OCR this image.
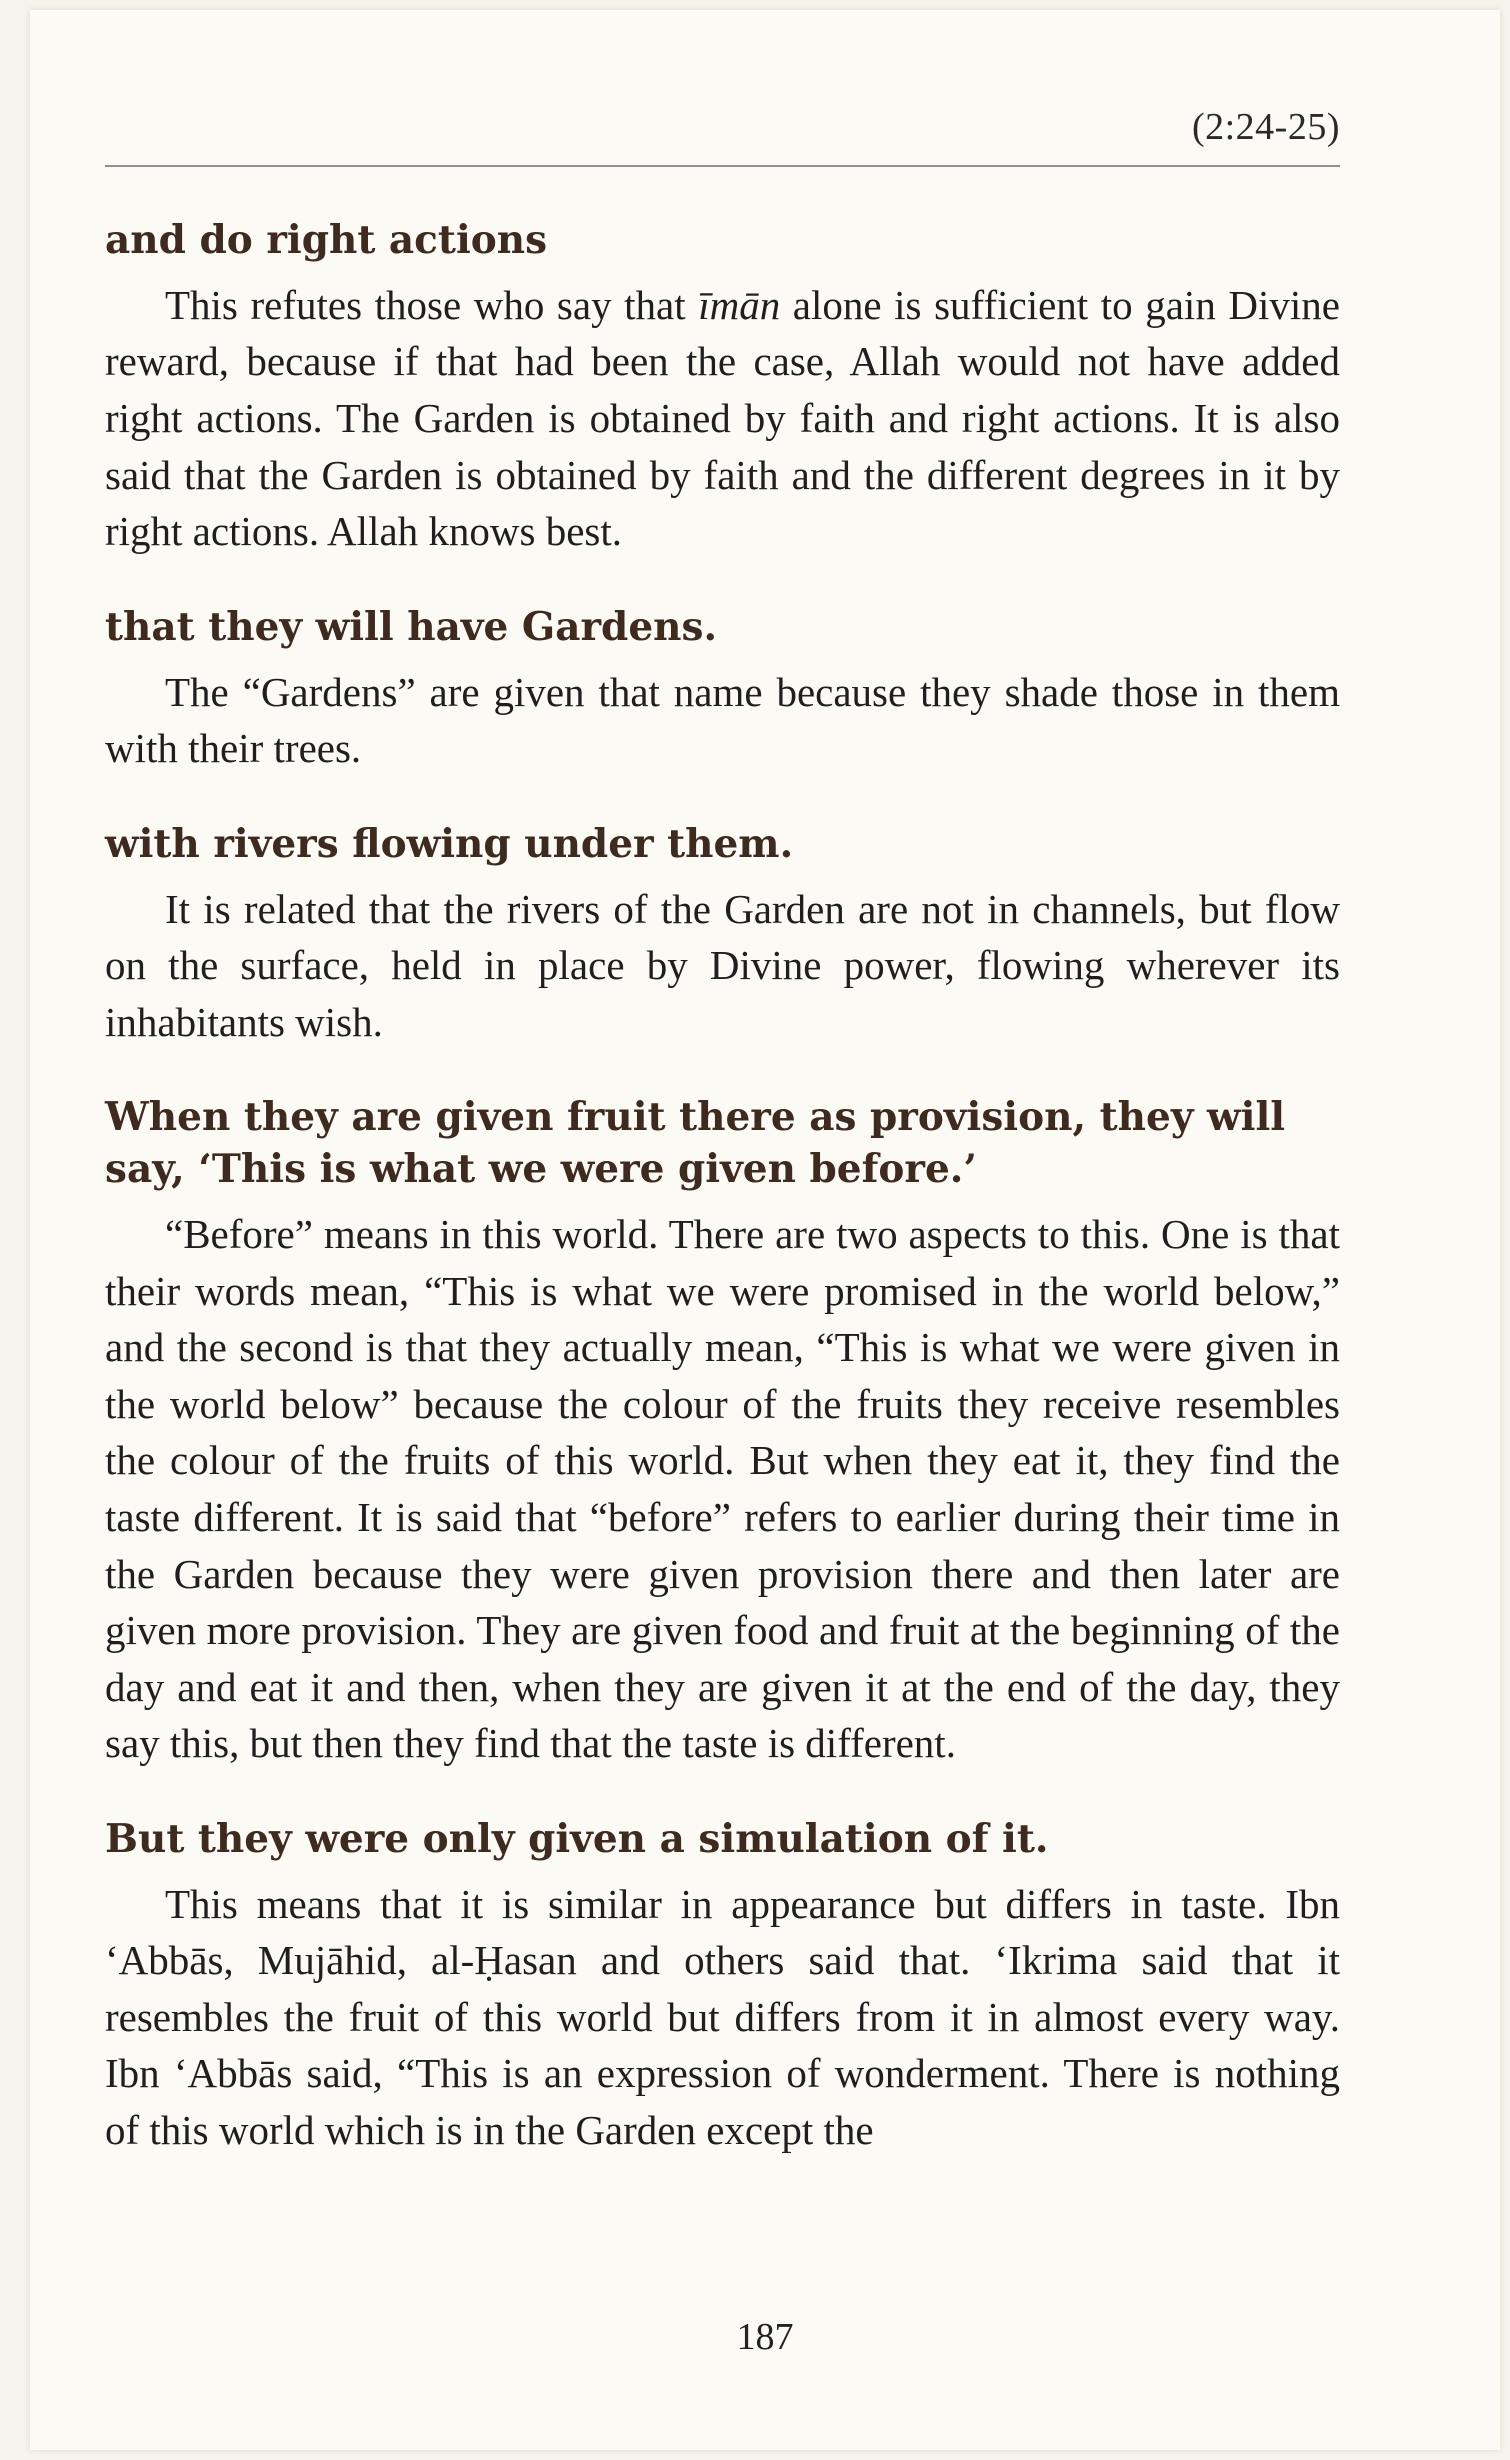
(2:24-25)
and do right actions

This refutes those who say that īmān alone is sufficient to gain Divine reward, because if that had been the case, Allah would not have added right actions. The Garden is obtained by faith and right actions. It is also said that the Garden is obtained by faith and the different degrees in it by right actions. Allah knows best.

that they will have Gardens.

The “Gardens” are given that name because they shade those in them with their trees.

with rivers flowing under them.

It is related that the rivers of the Garden are not in channels, but flow on the surface, held in place by Divine power, flowing wherever its inhabitants wish.

When they are given fruit there as provision, they will say, ‘This is what we were given before.’

“Before” means in this world. There are two aspects to this. One is that their words mean, “This is what we were promised in the world below,” and the second is that they actually mean, “This is what we were given in the world below” because the colour of the fruits they receive resembles the colour of the fruits of this world. But when they eat it, they find the taste different. It is said that “before” refers to earlier during their time in the Garden because they were given provision there and then later are given more provision. They are given food and fruit at the beginning of the day and eat it and then, when they are given it at the end of the day, they say this, but then they find that the taste is different.

But they were only given a simulation of it.

This means that it is similar in appearance but differs in taste. Ibn ‘Abbās, Mujāhid, al-Ḥasan and others said that. ‘Ikrima said that it resembles the fruit of this world but differs from it in almost every way. Ibn ‘Abbās said, “This is an expression of wonderment. There is nothing of this world which is in the Garden except the

187
